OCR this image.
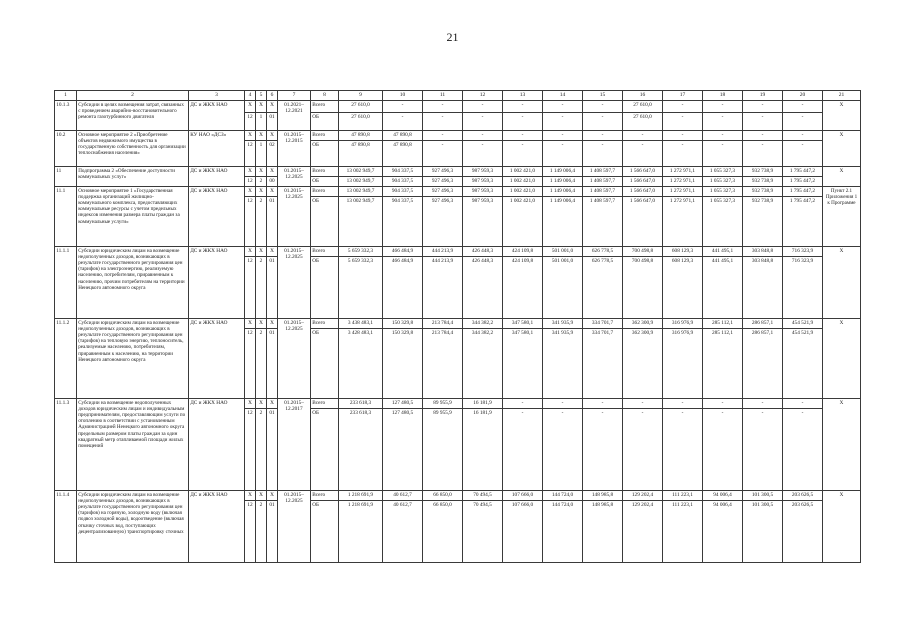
21
1	2	3	4	5	6	7	8	9	10	11	12	13	14	15	16	17	18	19	20	21
10.1.3	Субсидии в целях возмещения затрат, связанных с проведением аварийно-восстановительного ремонта газотурбинного двигателя	ДС и ЖКХ НАО	Х	Х	Х	01.2021–12.2021	Всего	27 610,0	-	-	-	-	-	-	27 610,0	-	-	-	-	Х
			12	1	01		ОБ	27 610,0	-	-	-	-	-	-	27 610,0	-	-	-	-	
10.2	Основное мероприятие 2 «Приобретение объектов недвижимого имущества в государственную собственность для организации теплоснабжения населения»	КУ НАО «ДСЗ»	Х	Х	Х	01.2015–12.2015	Всего	47 890,8	47 890,8	-	-	-	-	-	-	-	-	-	-	Х
			12	1	02		ОБ	47 890,8	47 890,8	-	-	-	-	-	-	-	-	-	-	
11	Подпрограмма 2 «Обеспечение доступности коммунальных услуг»	ДС и ЖКХ НАО	Х	Х	Х	01.2015–12.2025	Всего	13 002 949,7	904 337,5	927 496,3	987 959,3	1 002 421,0	1 149 006,4	1 408 597,7	1 566 647,0	1 272 971,1	1 055 327,3	932 738,9	1 795 447,2	Х
			12	2	00		ОБ	13 002 949,7	904 337,5	927 496,3	987 959,3	1 002 421,0	1 149 006,4	1 408 597,7	1 566 647,0	1 272 971,1	1 055 327,3	932 738,9	1 795 447,2	
11.1	Основное мероприятие 1 «Государственная поддержка организаций жилищно-коммунального комплекса, предоставляющих коммунальные ресурсы с учетом предельных индексов изменения размера платы граждан за коммунальные услуги»	ДС и ЖКХ НАО	Х	Х	Х	01.2015–12.2025	Всего	13 002 949,7	904 337,5	927 496,3	987 959,3	1 002 421,0	1 149 006,4	1 408 597,7	1 566 647,0	1 272 971,1	1 055 327,3	932 738,9	1 795 447,2	Пункт 2.1 Приложения 1 к Программе
			12	2	01		ОБ	13 002 949,7	904 337,5	927 496,3	987 959,3	1 002 421,0	1 149 006,4	1 408 597,7	1 566 647,0	1 272 971,1	1 055 327,3	932 738,9	1 795 447,2	
11.1.1	Субсидии юридическим лицам на возмещение недополученных доходов, возникающих в результате государственного регулирования цен (тарифов) на электроэнергию, реализуемую населению, потребителям, приравненным к населению, прочим потребителям на территории Ненецкого автономного округа	ДС и ЖКХ НАО	Х	Х	Х	01.2015–12.2025	Всего	5 659 332,3	466 484,9	444 213,9	426 448,3	424 109,8	501 001,0	626 778,5	700 498,8	608 129,3	441 495,1	303 848,8	716 323,9	Х
			12	2	01		ОБ	5 659 332,3	466 484,9	444 213,9	426 448,3	424 109,8	501 001,0	626 778,5	700 498,8	608 129,3	441 495,1	303 848,8	716 323,9	
11.1.2	Субсидии юридическим лицам на возмещение недополученных доходов, возникающих в результате государственного регулирования цен (тарифов) на тепловую энергию, теплоноситель, реализуемые населению, потребителям, приравненным к населению, на территории Ненецкого автономного округа	ДС и ЖКХ НАО	Х	Х	Х	01.2015–12.2025	Всего	3 438 483,1	150 329,8	213 784,4	344 382,2	347 580,1	341 935,9	334 701,7	362 300,9	316 976,9	285 112,1	286 857,1	454 521,9	Х
			12	2	01		ОБ	3 428 483,1	150 329,8	213 784,4	344 382,2	347 580,1	341 935,9	334 701,7	362 300,9	316 976,9	285 112,1	286 857,1	454 521,9	
11.1.3	Субсидии на возмещение недополученных доходов юридическим лицам и индивидуальным предпринимателям, предоставляющим услуги по отоплению в соответствии с установленным Администрацией Ненецкого автономного округа предельным размером платы граждан за один квадратный метр отапливаемой площади жилых помещений	ДС и ЖКХ НАО	Х	Х	Х	01.2015–12.2017	Всего	233 618,3	127 480,5	89 955,9	16 181,9	-	-	-	-	-	-	-	-	Х
			12	2	01		ОБ	233 618,3	127 480,5	89 955,9	16 181,9	-	-	-	-	-	-	-	-	
11.1.4	Субсидии юридическим лицам на возмещение недополученных доходов, возникающих в результате государственного регулирования цен (тарифов) на горячую, холодную воду (включая подвоз холодной воды), водоотведение (включая откачку сточных вод, поступающих децентрализованную) транспортировку сточных	ДС и ЖКХ НАО	Х	Х	Х	01.2015–12.2025	Всего	1 218 691,9	40 612,7	66 850,0	70 494,5	107 666,0	144 724,0	148 985,8	129 202,4	111 223,1	94 006,4	101 300,5	203 626,5	Х
			12	2	01		ОБ	1 218 691,9	40 612,7	66 850,0	70 494,5	107 666,0	144 724,0	148 985,8	129 202,4	111 223,1	94 006,4	101 300,5	203 626,5	
